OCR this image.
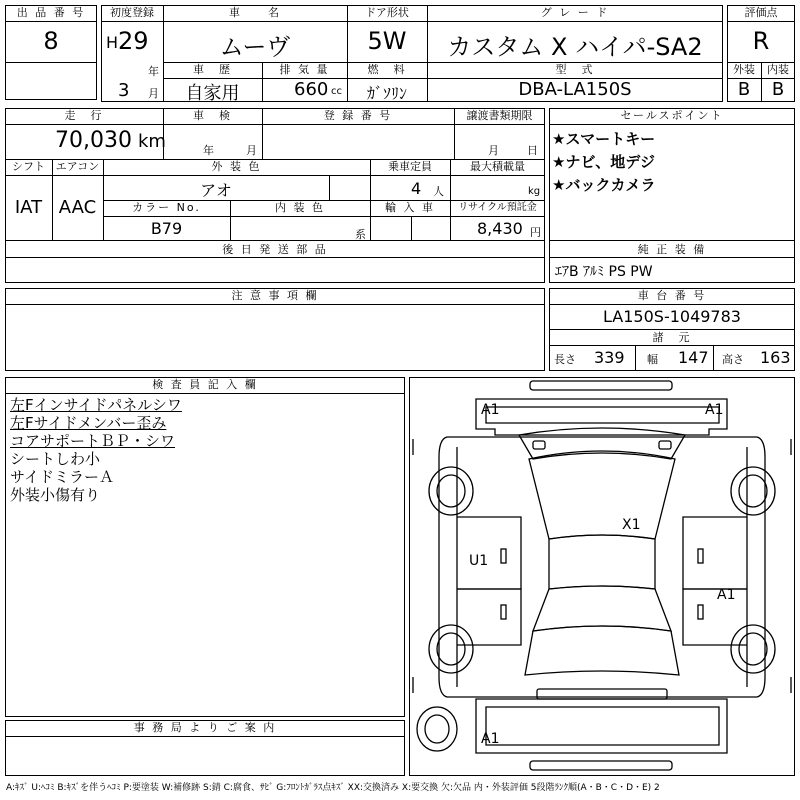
出 品 番 号
8
初度登録
H 29
年
3 月
車　　名
ムーヴ
ドア形状
5W
グ レ ー ド
カスタム X ハイパ-SA2
車　歴
自家用
排 気 量
660 cc
燃　料
ｶﾞｿﾘﾝ
型　式
DBA-LA150S
評価点
R
外装	内装
B	B
走　行
70,030 km
車　検
年	月
登 録 番 号	譲渡書類期限
月	日
シフト
IAT
エアコン
AAC
外 装 色
アオ
乗車定員
4 人
最大積載量
kg
カラー No.
B79
内 装 色
系
輸 入 車	リサイクル預託金
8,430 円
後 日 発 送 部 品
セールスポイント
★スマートキー
★ナビ、地デジ
★バックカメラ
純 正 装 備
ｴｱB ｱﾙﾐ PS PW
注 意 事 項 欄	車 台 番 号
LA150S-1049783
諸　元
長さ 339 幅 147 高さ 163
検 査 員 記 入 欄
左Fインサイドパネルシワ
左Fサイドメンバー歪み
コアサポートＢＰ・シワ
シートしわ小
サイドミラーＡ
外装小傷有り
事 務 局 よ り ご 案 内
A1	A1
X1
U1
A1
A1
A:ｷｽﾞ U:ﾍｺﾐ B:ｷｽﾞを伴うﾍｺﾐ P:要塗装 W:補修跡 S:錆 C:腐食、ｻﾋﾞ G:ﾌﾛﾝﾄｶﾞﾗｽ点ｷｽﾞ XX:交換済み X:要交換 欠:欠品 内・外装評価 5段階ﾗﾝｸ順(A・B・C・D・E) 2
